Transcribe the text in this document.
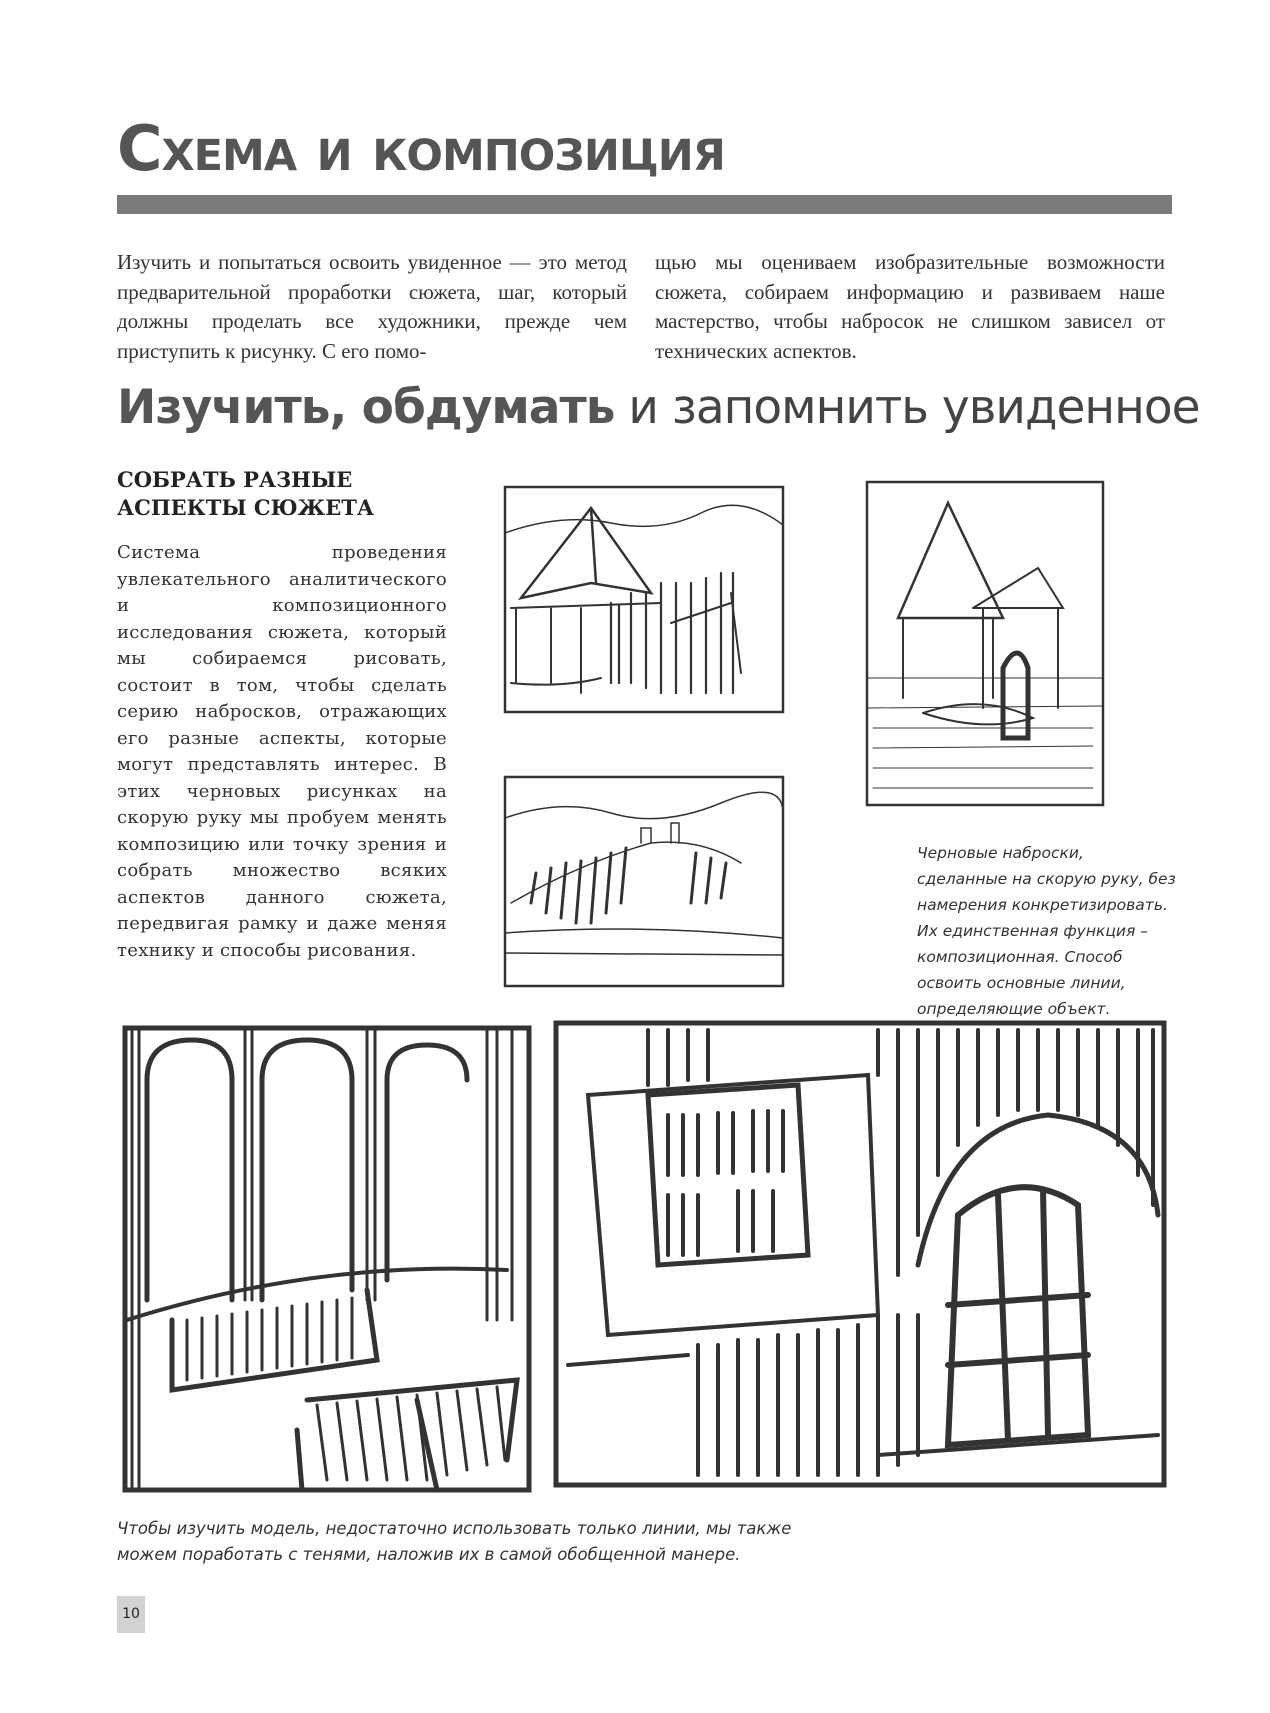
Схема и композиция
Изучить и попытаться освоить увиденное — это метод предварительной проработки сюжета, шаг, который должны проделать все художники, прежде чем приступить к рисунку. С его помо-
щью мы оцениваем изобразительные возможности сюжета, собираем информацию и развиваем наше мастерство, чтобы набросок не слишком зависел от технических аспектов.
Изучить, обдумать и запомнить увиденное
СОБРАТЬ РАЗНЫЕ
АСПЕКТЫ СЮЖЕТА
Система проведения увлекательного аналитического и композиционного исследования сюжета, который мы собираемся рисовать, состоит в том, чтобы сделать серию набросков, отражающих его разные аспекты, которые могут представлять интерес. В этих черновых рисунках на скорую руку мы пробуем менять композицию или точку зрения и собрать множество всяких аспектов данного сюжета, передвигая рамку и даже меняя технику и способы рисования.
Черновые наброски, сделанные на скорую руку, без намерения конкретизировать. Их единственная функция – композиционная. Способ освоить основные линии, определяющие объект.
Чтобы изучить модель, недостаточно использовать только линии, мы также можем поработать с тенями, наложив их в самой обобщенной манере.
10
